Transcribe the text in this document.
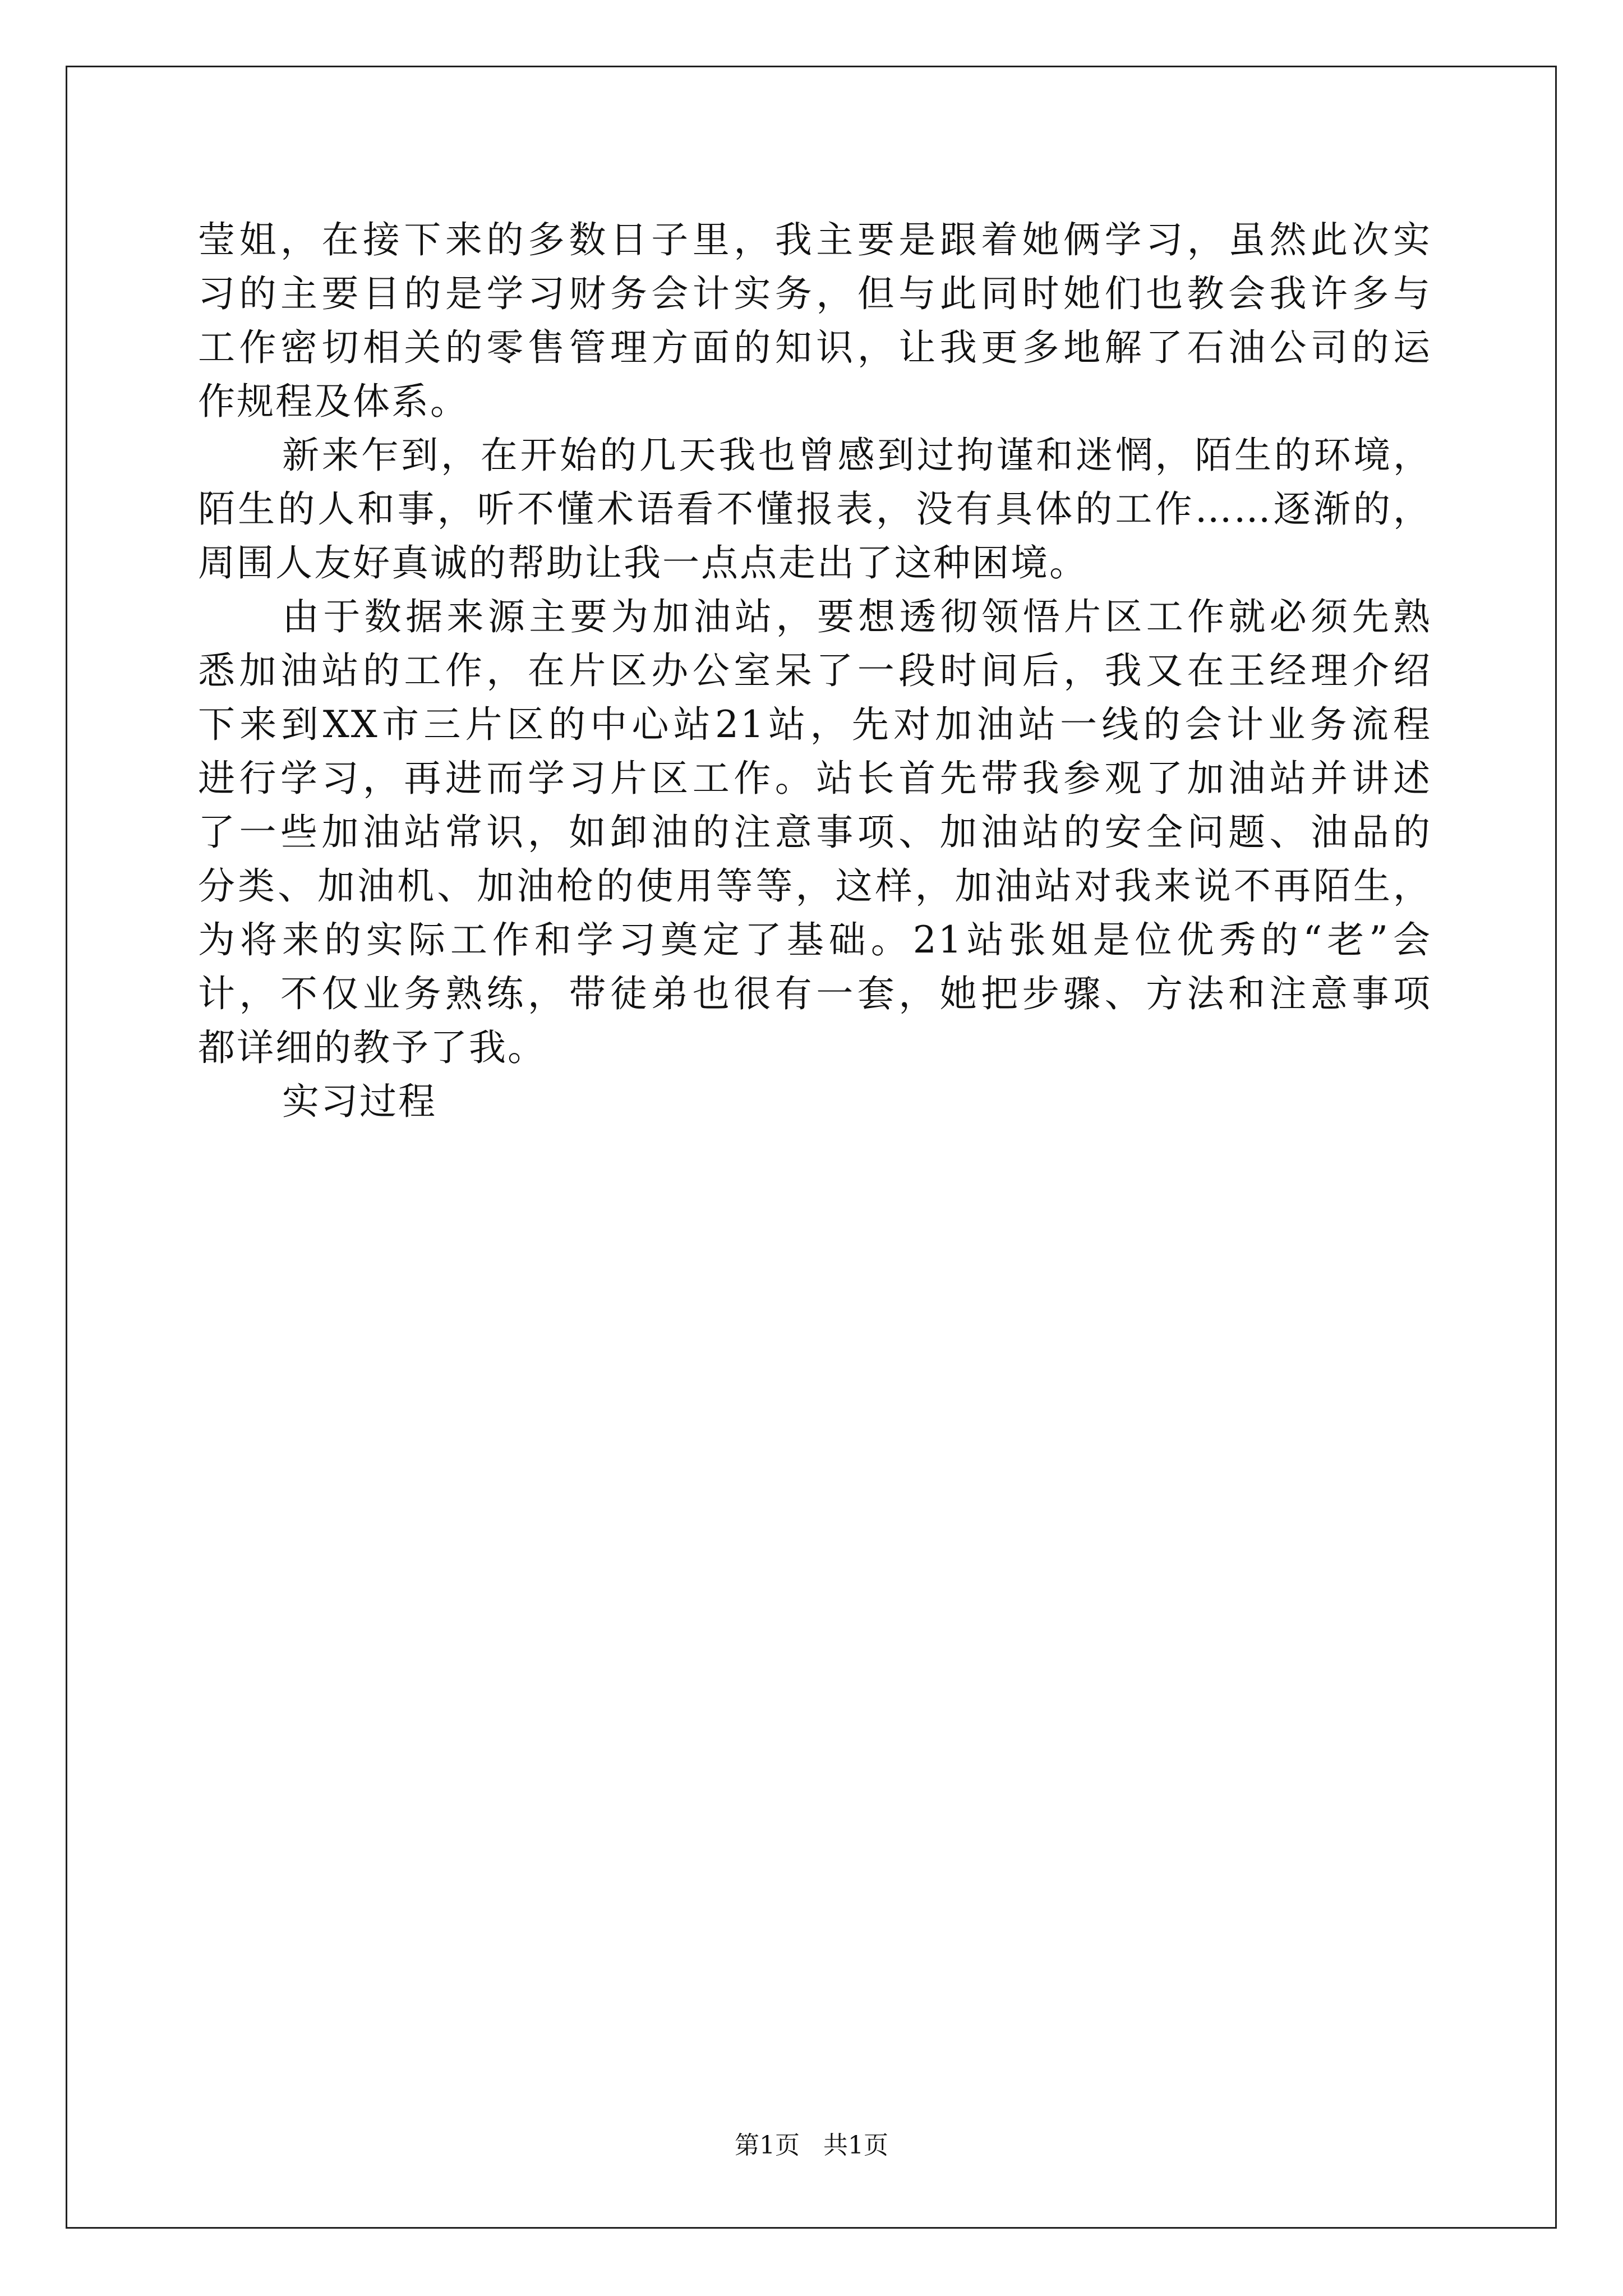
莹姐，在接下来的多数日子里，我主要是跟着她俩学习，虽然此次实
习的主要目的是学习财务会计实务，但与此同时她们也教会我许多与
工作密切相关的零售管理方面的知识，让我更多地解了石油公司的运
作规程及体系。
新来乍到，在开始的几天我也曾感到过拘谨和迷惘，陌生的环境，
陌生的人和事，听不懂术语看不懂报表，没有具体的工作……逐渐的，
周围人友好真诚的帮助让我一点点走出了这种困境。
由于数据来源主要为加油站，要想透彻领悟片区工作就必须先熟
悉加油站的工作，在片区办公室呆了一段时间后，我又在王经理介绍
下来到XX市三片区的中心站21站，先对加油站一线的会计业务流程
进行学习，再进而学习片区工作。站长首先带我参观了加油站并讲述
了一些加油站常识，如卸油的注意事项、加油站的安全问题、油品的
分类、加油机、加油枪的使用等等，这样，加油站对我来说不再陌生，
为将来的实际工作和学习奠定了基础。21站张姐是位优秀的“老”会
计，不仅业务熟练，带徒弟也很有一套，她把步骤、方法和注意事项
都详细的教予了我。
实习过程
第1页   共1页
